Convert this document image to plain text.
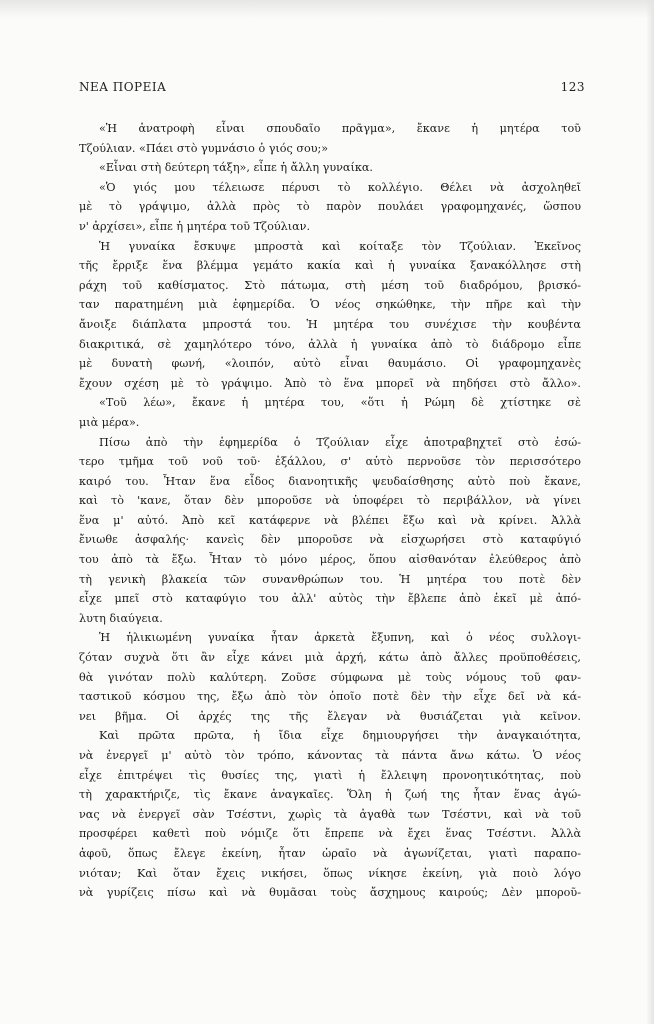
ΝΕΑ ΠΟΡΕΙΑ	123
«Ἡ ἀνατροφὴ εἶναι σπουδαῖο πρᾶγμα», ἔκανε ἡ μητέρα τοῦ
Τζούλιαν. «Πάει στὸ γυμνάσιο ὁ γιός σου;»
«Εἶναι στὴ δεύτερη τάξη», εἶπε ἡ ἄλλη γυναίκα.
«Ὁ γιός μου τέλειωσε πέρυσι τὸ κολλέγιο. Θέλει νὰ ἀσχοληθεῖ
μὲ τὸ γράψιμο, ἀλλὰ πρὸς τὸ παρὸν πουλάει γραφομηχανές, ὥσπου
ν' ἀρχίσει», εἶπε ἡ μητέρα τοῦ Τζούλιαν.
Ἡ γυναίκα ἔσκυψε μπροστὰ καὶ κοίταξε τὸν Τζούλιαν. Ἐκεῖνος
τῆς ἔρριξε ἕνα βλέμμα γεμάτο κακία καὶ ἡ γυναίκα ξανακόλλησε στὴ
ράχη τοῦ καθίσματος. Στὸ πάτωμα, στὴ μέση τοῦ διαδρόμου, βρισκό-
ταν παρατημένη μιὰ ἐφημερίδα. Ὁ νέος σηκώθηκε, τὴν πῆρε καὶ τὴν
ἄνοιξε διάπλατα μπροστά του. Ἡ μητέρα του συνέχισε τὴν κουβέντα
διακριτικά, σὲ χαμηλότερο τόνο, ἀλλὰ ἡ γυναίκα ἀπὸ τὸ διάδρομο εἶπε
μὲ δυνατὴ φωνή, «λοιπόν, αὐτὸ εἶναι θαυμάσιο. Οἱ γραφομηχανὲς
ἔχουν σχέση μὲ τὸ γράψιμο. Ἀπὸ τὸ ἕνα μπορεῖ νὰ πηδήσει στὸ ἄλλο».
«Τοῦ λέω», ἔκανε ἡ μητέρα του, «ὅτι ἡ Ρώμη δὲ χτίστηκε σὲ
μιὰ μέρα».
Πίσω ἀπὸ τὴν ἐφημερίδα ὁ Τζούλιαν εἶχε ἀποτραβηχτεῖ στὸ ἐσώ-
τερο τμῆμα τοῦ νοῦ τοῦ· ἐξάλλου, σ' αὐτὸ περνοῦσε τὸν περισσότερο
καιρό του. Ἦταν ἕνα εἶδος διανοητικῆς ψευδαίσθησης αὐτὸ ποὺ ἔκανε,
καὶ τὸ 'κανε, ὅταν δὲν μποροῦσε νὰ ὑποφέρει τὸ περιβάλλον, νὰ γίνει
ἕνα μ' αὐτό. Ἀπὸ κεῖ κατάφερνε νὰ βλέπει ἔξω καὶ νὰ κρίνει. Ἀλλὰ
ἔνιωθε ἀσφαλής· κανεὶς δὲν μποροῦσε νὰ εἰσχωρήσει στὸ καταφύγιό
του ἀπὸ τὰ ἔξω. Ἦταν τὸ μόνο μέρος, ὅπου αἰσθανόταν ἐλεύθερος ἀπὸ
τὴ γενικὴ βλακεία τῶν συνανθρώπων του. Ἡ μητέρα του ποτὲ δὲν
εἶχε μπεῖ στὸ καταφύγιο του ἀλλ' αὐτὸς τὴν ἔβλεπε ἀπὸ ἐκεῖ μὲ ἀπό-
λυτη διαύγεια.
Ἡ ἡλικιωμένη γυναίκα ἦταν ἀρκετὰ ἔξυπνη, καὶ ὁ νέος συλλογι-
ζόταν συχνὰ ὅτι ἂν εἶχε κάνει μιὰ ἀρχή, κάτω ἀπὸ ἄλλες προϋποθέσεις,
θὰ γινόταν πολὺ καλύτερη. Ζοῦσε σύμφωνα μὲ τοὺς νόμους τοῦ φαν-
ταστικοῦ κόσμου της, ἔξω ἀπὸ τὸν ὁποῖο ποτὲ δὲν τὴν εἶχε δεῖ νὰ κά-
νει βῆμα. Οἱ ἀρχές της τῆς ἔλεγαν νὰ θυσιάζεται γιὰ κεῖνον.
Καὶ πρῶτα πρῶτα, ἡ ἴδια εἶχε δημιουργήσει τὴν ἀναγκαιότητα,
νὰ ἐνεργεῖ μ' αὐτὸ τὸν τρόπο, κάνοντας τὰ πάντα ἄνω κάτω. Ὁ νέος
εἶχε ἐπιτρέψει τὶς θυσίες της, γιατὶ ἡ ἔλλειψη προνοητικότητας, ποὺ
τὴ χαρακτήριζε, τὶς ἔκανε ἀναγκαῖες. Ὅλη ἡ ζωή της ἦταν ἕνας ἀγώ-
νας νὰ ἐνεργεῖ σὰν Τσέστνι, χωρὶς τὰ ἀγαθὰ των Τσέστνι, καὶ νὰ τοῦ
προσφέρει καθετὶ ποὺ νόμιζε ὅτι ἔπρεπε νὰ ἔχει ἕνας Τσέστνι. Ἀλλὰ
ἀφοῦ, ὅπως ἔλεγε ἐκείνη, ἦταν ὡραῖο νὰ ἀγωνίζεται, γιατὶ παραπο-
νιόταν; Καὶ ὅταν ἔχεις νικήσει, ὅπως νίκησε ἐκείνη, γιὰ ποιὸ λόγο
νὰ γυρίζεις πίσω καὶ νὰ θυμᾶσαι τοὺς ἄσχημους καιρούς; Δὲν μποροῦ-
